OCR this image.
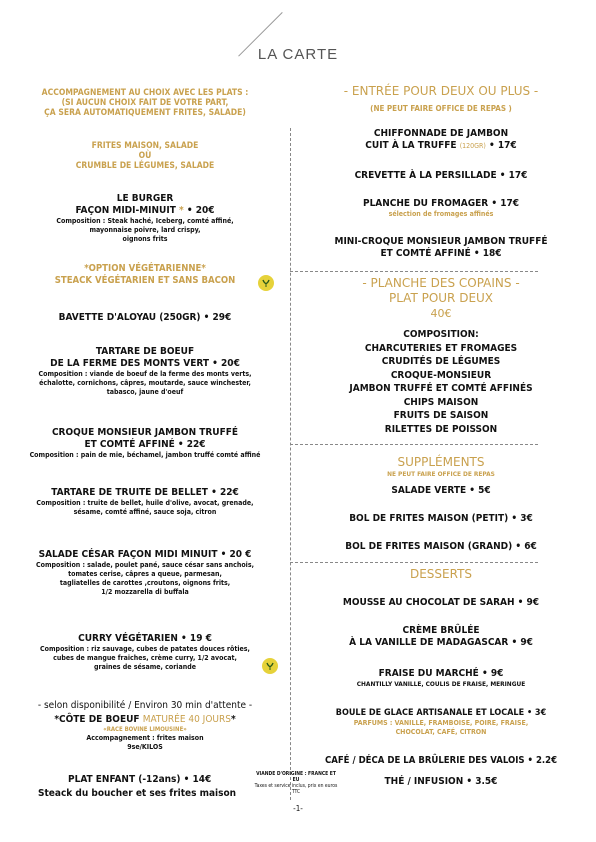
LA CARTE
ACCOMPAGNEMENT AU CHOIX AVEC LES PLATS :
(SI AUCUN CHOIX FAIT DE VOTRE PART,
ÇA SERA AUTOMATIQUEMENT FRITES, SALADE)
FRITES MAISON, SALADE
OÙ
CRUMBLE DE LÉGUMES, SALADE
LE BURGER
FAÇON MIDI-MINUIT * • 20€
Composition : Steak haché, Iceberg, comté affiné,
mayonnaise poivre, lard crispy,
oignons frits
*OPTION VÉGÉTARIENNE*
STEACK VÉGÉTARIEN ET SANS BACON
BAVETTE D'ALOYAU (250GR) • 29€
TARTARE DE BOEUF
DE LA FERME DES MONTS VERT • 20€
Composition : viande de boeuf de la ferme des monts verts,
échalotte, cornichons, câpres, moutarde, sauce winchester,
tabasco, jaune d'oeuf
CROQUE MONSIEUR JAMBON TRUFFÉ
ET COMTÉ AFFINÉ • 22€
Composition : pain de mie, béchamel, jambon truffé comté affiné
TARTARE DE TRUITE DE BELLET • 22€
Composition : truite de bellet, huile d'olive, avocat, grenade,
sésame, comté affiné, sauce soja, citron
SALADE CÉSAR FAÇON MIDI MINUIT • 20 €
Composition : salade, poulet pané, sauce césar sans anchois,
tomates cerise, câpres a queue, parmesan,
tagliatelles de carottes ,croutons, oignons frits,
1/2 mozzarella di buffala
CURRY VÉGÉTARIEN • 19 €
Composition : riz sauvage, cubes de patates douces rôties,
cubes de mangue fraiches, crème curry, 1/2 avocat,
graines de sésame, coriande
- selon disponibilité / Environ 30 min d'attente -
*CÔTE DE BOEUF MATURÉE 40 JOURS*
«RACE BOVINE LIMOUSINE»
Accompagnement : frites maison
9se/KILOS
PLAT ENFANT (-12ans) • 14€
Steack du boucher et ses frites maison
VIANDE D'ORIGINE : FRANCE ET EU
Taxes et service inclus, prix en euros TTC
- ENTRÉE POUR DEUX OU PLUS -
(NE PEUT FAIRE OFFICE DE REPAS )
CHIFFONNADE DE JAMBON
CUIT À LA TRUFFE (120GR) • 17€
CREVETTE À LA PERSILLADE • 17€
PLANCHE DU FROMAGER • 17€
sélection de fromages affinés
MINI-CROQUE MONSIEUR JAMBON TRUFFÉ
ET COMTÉ AFFINÉ • 18€
- PLANCHE DES COPAINS -
PLAT POUR DEUX
40€
COMPOSITION:
CHARCUTERIES ET FROMAGES
CRUDITÉS DE LÉGUMES
CROQUE-MONSIEUR
JAMBON TRUFFÉ ET COMTÉ AFFINÉS
CHIPS MAISON
FRUITS DE SAISON
RILETTES DE POISSON
SUPPLÉMENTS
NE PEUT FAIRE OFFICE DE REPAS
SALADE VERTE • 5€
BOL DE FRITES MAISON (PETIT) • 3€
BOL DE FRITES MAISON (GRAND) • 6€
DESSERTS
MOUSSE AU CHOCOLAT DE SARAH • 9€
CRÈME BRÛLÉE
À LA VANILLE DE MADAGASCAR • 9€
FRAISE DU MARCHÉ • 9€
CHANTILLY VANILLE, COULIS DE FRAISE, MERINGUE
BOULE DE GLACE ARTISANALE ET LOCALE • 3€
PARFUMS : VANILLE, FRAMBOISE, POIRE, FRAISE,
CHOCOLAT, CAFÉ, CITRON
CAFÉ / DÉCA DE LA BRÛLERIE DES VALOIS • 2.2€
THÉ / INFUSION • 3.5€
-1-
